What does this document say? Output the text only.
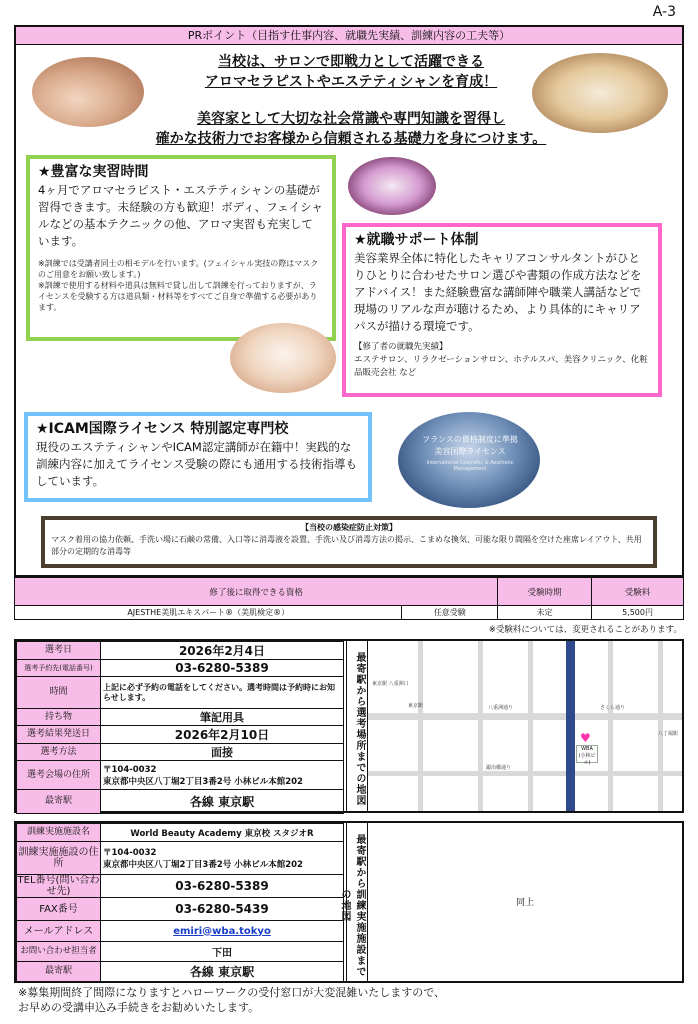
A-3
PRポイント（目指す仕事内容、就職先実績、訓練内容の工夫等）
当校は、サロンで即戦力として活躍できる
アロマセラピストやエステティシャンを育成！
美容家として大切な社会常識や専門知識を習得し
確かな技術力でお客様から信頼される基礎力を身につけます。
★豊富な実習時間
4ヶ月でアロマセラピスト・エステティシャンの基礎が習得できます。未経験の方も歓迎！ボディ、フェイシャルなどの基本テクニックの他、アロマ実習も充実しています。
※訓練では受講者同士の相モデルを行います。(フェイシャル実技の際はマスクのご用意をお願い致します。)
※訓練で使用する材料や道具は無料で貸し出して訓練を行っておりますが、ライセンスを受験する方は道具類・材料等をすべてご自身で準備する必要があります。
★就職サポート体制
美容業界全体に特化したキャリアコンサルタントがひとりひとりに合わせたサロン選びや書類の作成方法などをアドバイス！また経験豊富な講師陣や職業人講話などで現場のリアルな声が聴けるため、より具体的にキャリアパスが描ける環境です。
【修了者の就職先実績】
エステサロン、リラクゼーションサロン、ホテルスパ、美容クリニック、化粧品販売会社 など
★ICAM国際ライセンス 特別認定専門校
現役のエステティシャンやICAM認定講師が在籍中！実践的な訓練内容に加えてライセンス受験の際にも通用する技術指導もしています。
フランスの資格制度に準拠 美容国際ライセンス
International Cosmetic & Aesthetic Management
【当校の感染症防止対策】
マスク着用の協力依頼、手洗い場に石鹸の常備、入口等に消毒液を設置、手洗い及び消毒方法の掲示、こまめな換気、可能な限り間隔を空けた座席レイアウト、共用部分の定期的な消毒等
修了後に取得できる資格		受験時期	受験料
AJESTHE美肌エキスパート®（美肌検定®）	任意受験	未定	5,500円
※受験料については、変更されることがあります。
選考日	2026年2月4日
選考予約先(電話番号)	03-6280-5389
時間	上記に必ず予約の電話をしてください。選考時間は予約時にお知らせします。
持ち物	筆記用具
選考結果発送日	2026年2月10日
選考方法	面接
選考会場の住所	〒104-0032
東京都中央区八丁堀2丁目3番2号 小林ビル本館202

最寄駅	各線 東京駅	最寄駅から選考場所までの地図	東京駅	八重洲通り	さくら通り
鍛冶橋通り
WBA (小林ビル)
♥	八丁堀駅
東京駅 八重洲口
訓練実施施設名	World Beauty Academy 東京校 スタジオR
訓練実施施設の住所	〒104-0032
東京都中央区八丁堀2丁目3番2号 小林ビル本館202

TEL番号(問い合わせ先)	03-6280-5389
FAX番号	03-6280-5439
メールアドレス	emiri@wba.tokyo
お問い合わせ担当者	下田
最寄駅	各線 東京駅	最寄駅から訓練実施施設までの地図	同上
※募集期間終了間際になりますとハローワークの受付窓口が大変混雑いたしますので、
お早めの受講申込み手続きをお勧めいたします。
